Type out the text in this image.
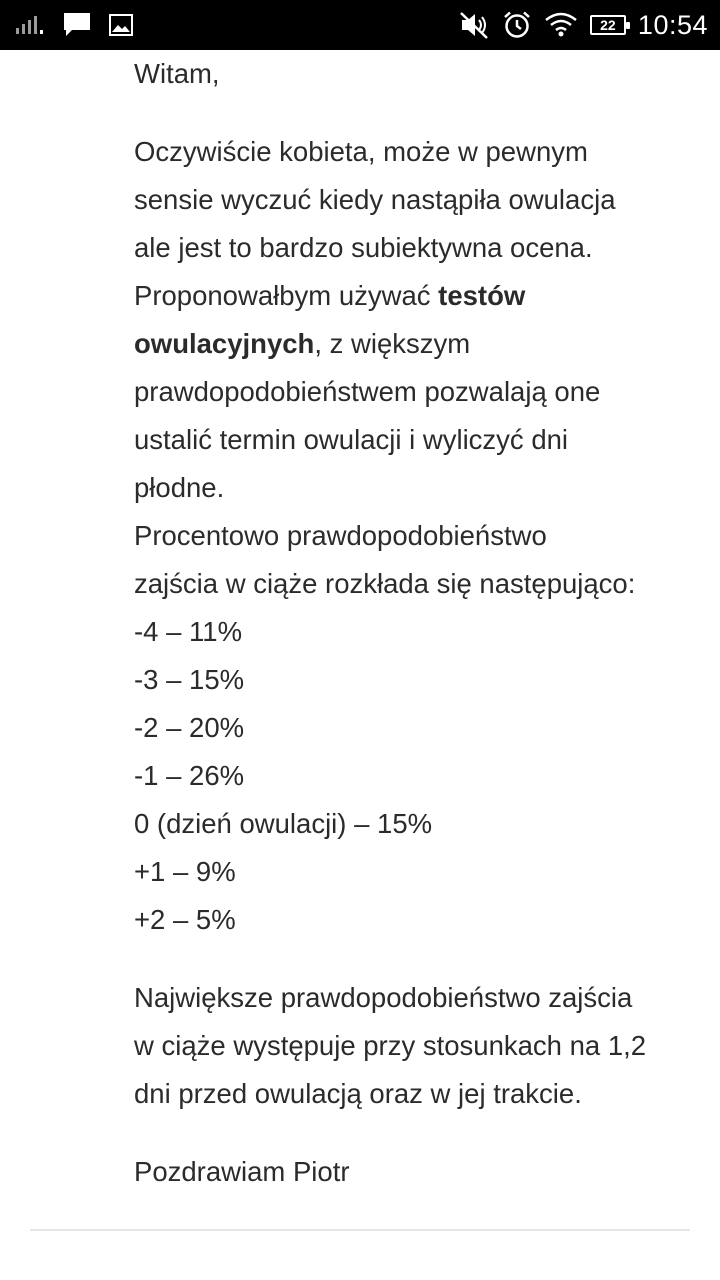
22 10:54
Witam,
Oczywiście kobieta, może w pewnym
sensie wyczuć kiedy nastąpiła owulacja
ale jest to bardzo subiektywna ocena.
Proponowałbym używać testów
owulacyjnych, z większym
prawdopodobieństwem pozwalają one
ustalić termin owulacji i wyliczyć dni
płodne.
Procentowo prawdopodobieństwo
zajścia w ciąże rozkłada się następująco:
-4 – 11%
-3 – 15%
-2 – 20%
-1 – 26%
0 (dzień owulacji) – 15%
+1 – 9%
+2 – 5%
Największe prawdopodobieństwo zajścia
w ciąże występuje przy stosunkach na 1,2
dni przed owulacją oraz w jej trakcie.
Pozdrawiam Piotr
